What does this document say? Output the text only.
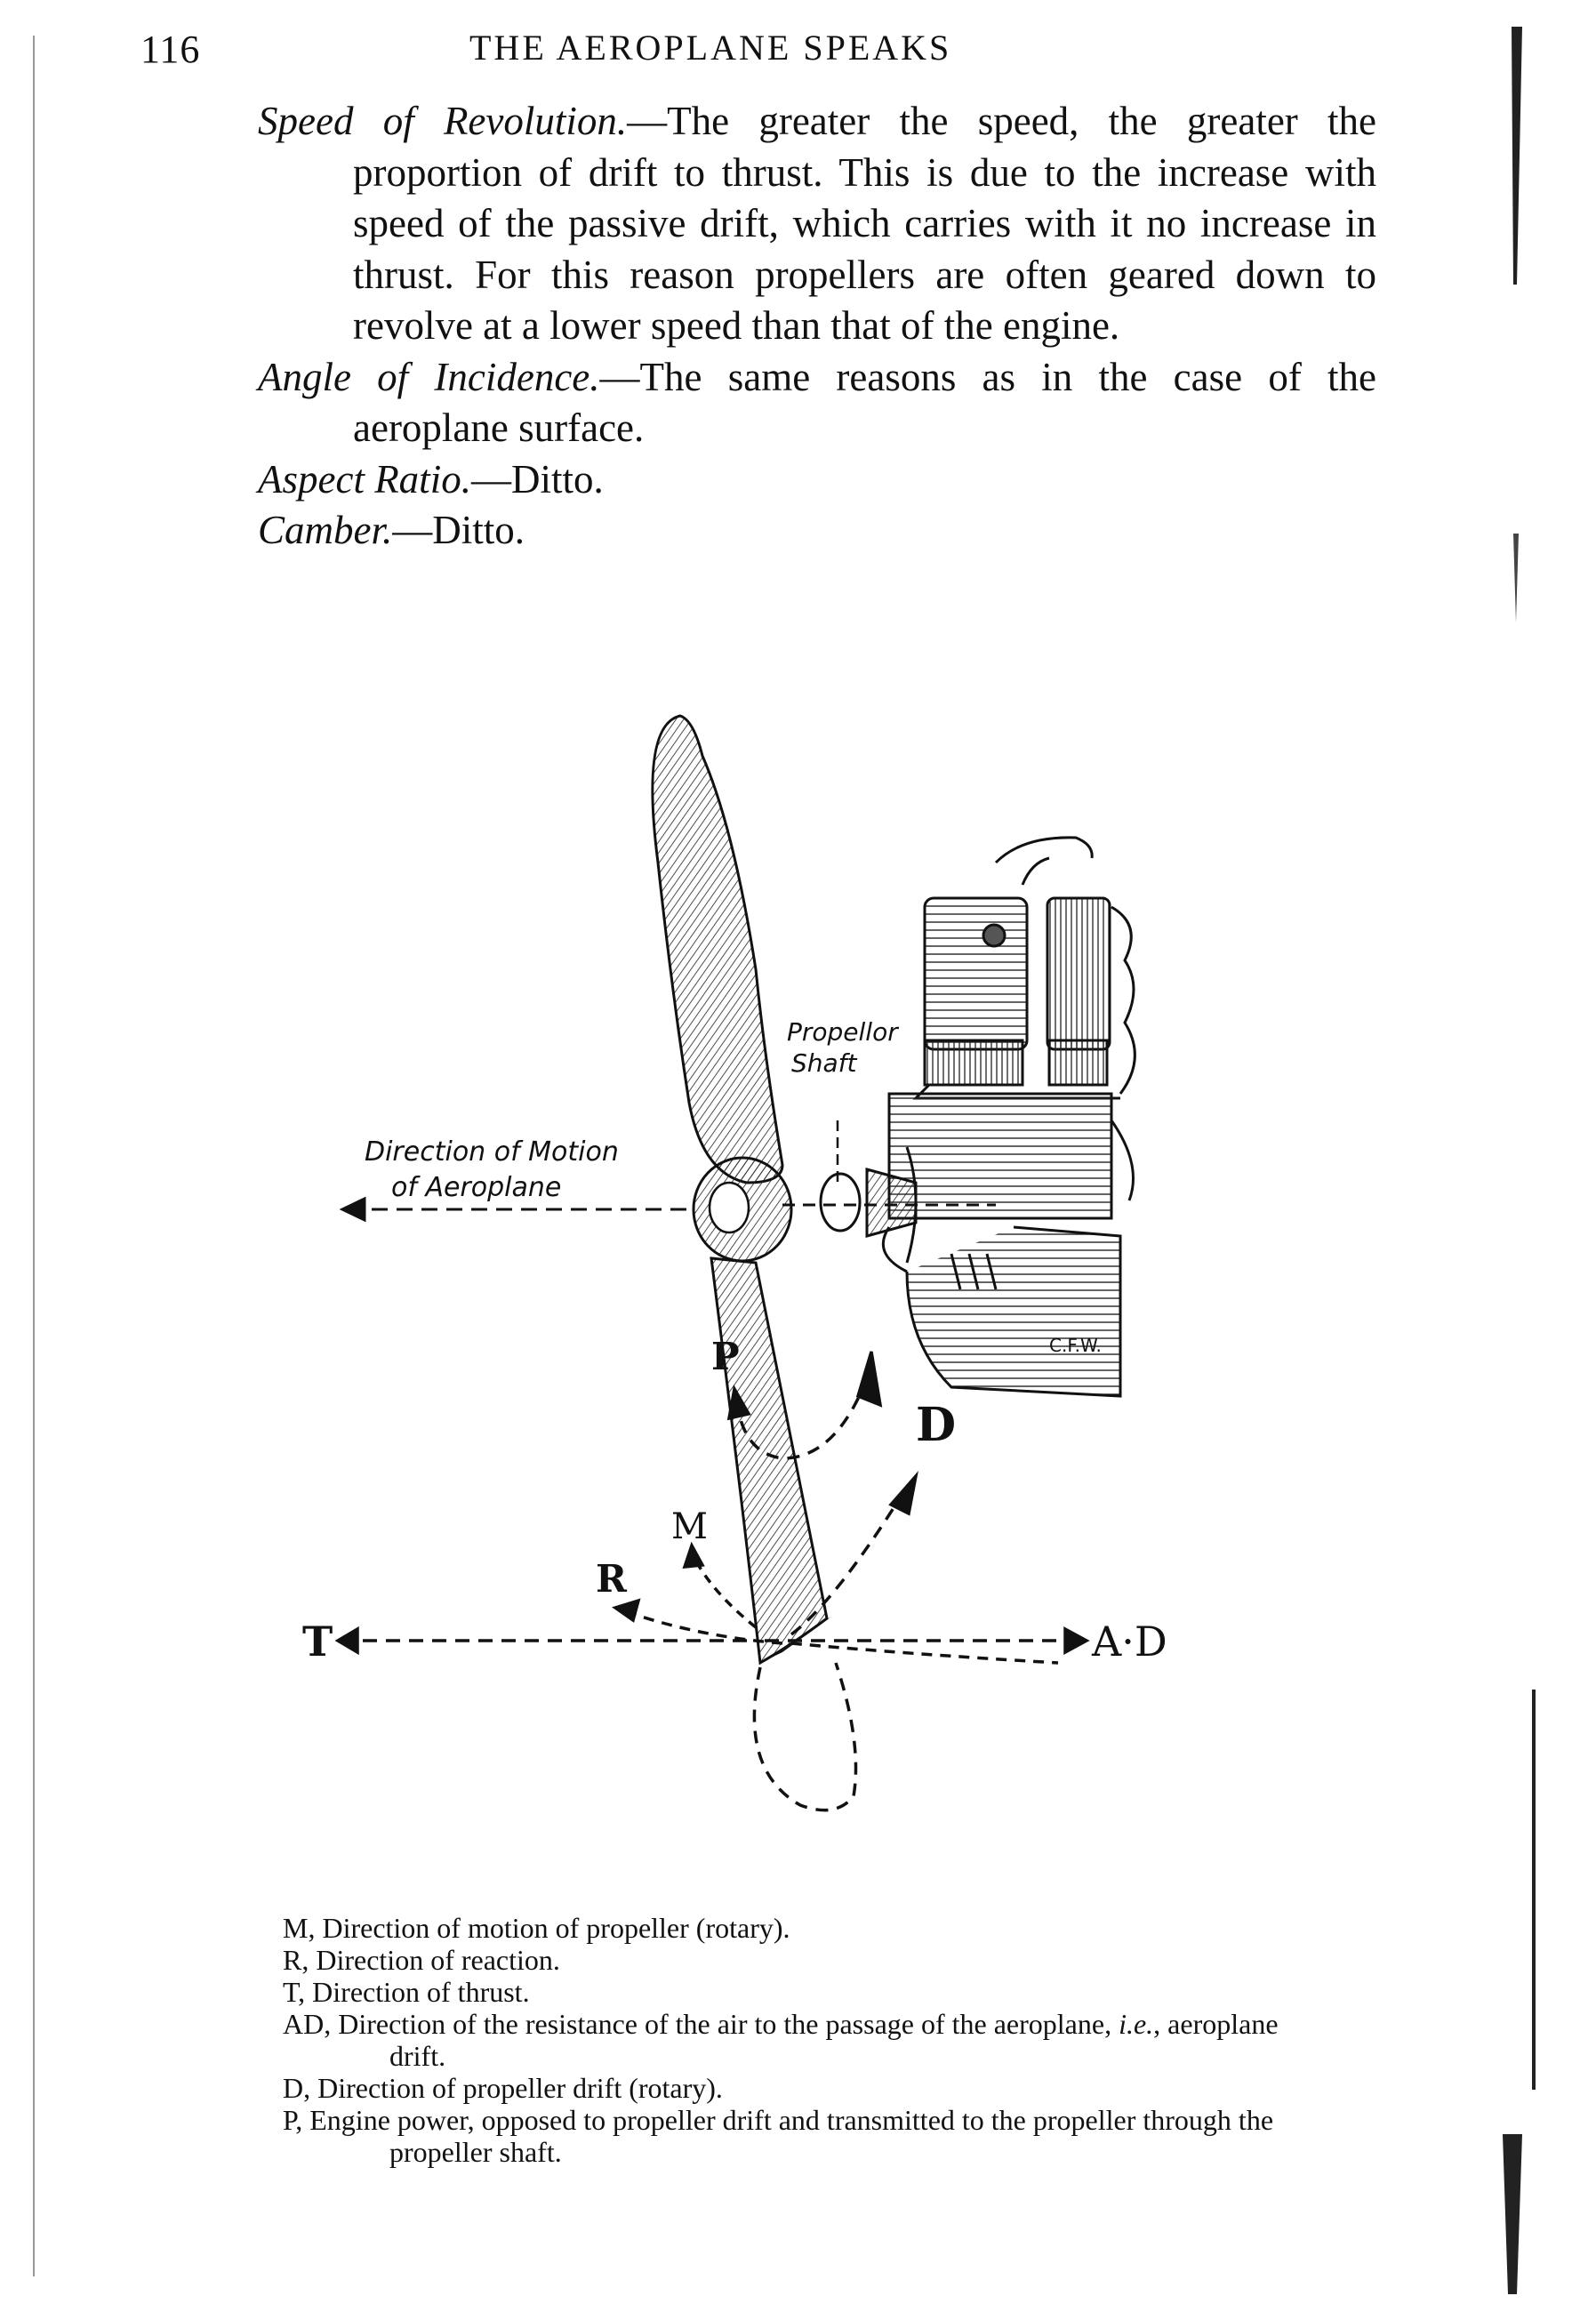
116	THE AEROPLANE SPEAKS
Speed of Revolution.—The greater the speed, the greater the proportion of drift to thrust. This is due to the increase with speed of the passive drift, which carries with it no increase in thrust. For this reason propellers are often geared down to revolve at a lower speed than that of the engine.
Angle of Incidence.—The same reasons as in the case of the aeroplane surface.
Aspect Ratio.—Ditto.
Camber.—Ditto.
Direction of Motion
of Aeroplane
Propellor
Shaft
P
D
M
R
T	A·D
C.F.W.
M, Direction of motion of propeller (rotary).
R, Direction of reaction.
T, Direction of thrust.
AD, Direction of the resistance of the air to the passage of the aeroplane, i.e., aeroplane drift.
D, Direction of propeller drift (rotary).
P, Engine power, opposed to propeller drift and transmitted to the propeller through the propeller shaft.
